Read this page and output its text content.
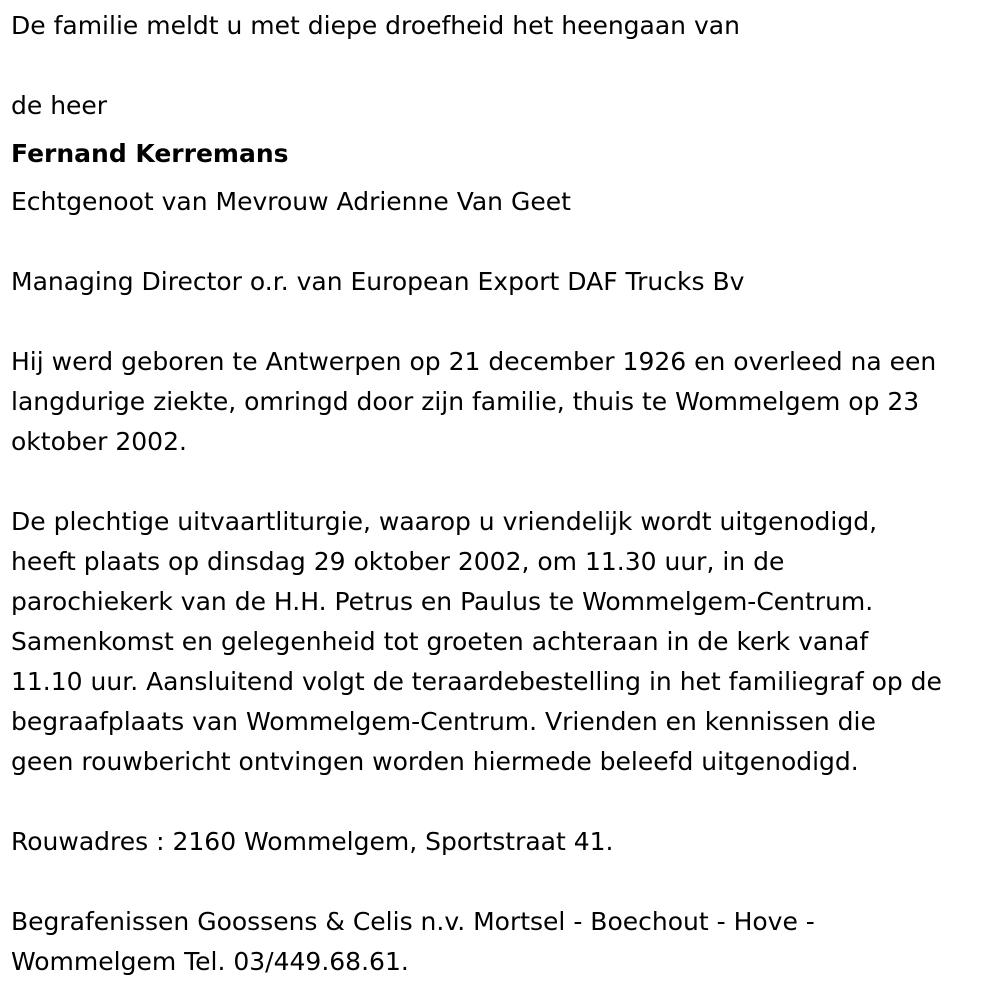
De familie meldt u met diepe droefheid het heengaan van

de heer

Fernand Kerremans

Echtgenoot van Mevrouw Adrienne Van Geet

Managing Director o.r. van European Export DAF Trucks Bv

Hij werd geboren te Antwerpen op 21 december 1926 en overleed na een
langdurige ziekte, omringd door zijn familie, thuis te Wommelgem op 23
oktober 2002.
De plechtige uitvaartliturgie, waarop u vriendelijk wordt uitgenodigd,
heeft plaats op dinsdag 29 oktober 2002, om 11.30 uur, in de
parochiekerk van de H.H. Petrus en Paulus te Wommelgem-Centrum.
Samenkomst en gelegenheid tot groeten achteraan in de kerk vanaf
11.10 uur. Aansluitend volgt de teraardebestelling in het familiegraf op de
begraafplaats van Wommelgem-Centrum. Vrienden en kennissen die
geen rouwbericht ontvingen worden hiermede beleefd uitgenodigd.

Rouwadres : 2160 Wommelgem, Sportstraat 41.

Begrafenissen Goossens & Celis n.v. Mortsel - Boechout - Hove -
Wommelgem Tel. 03/449.68.61.
